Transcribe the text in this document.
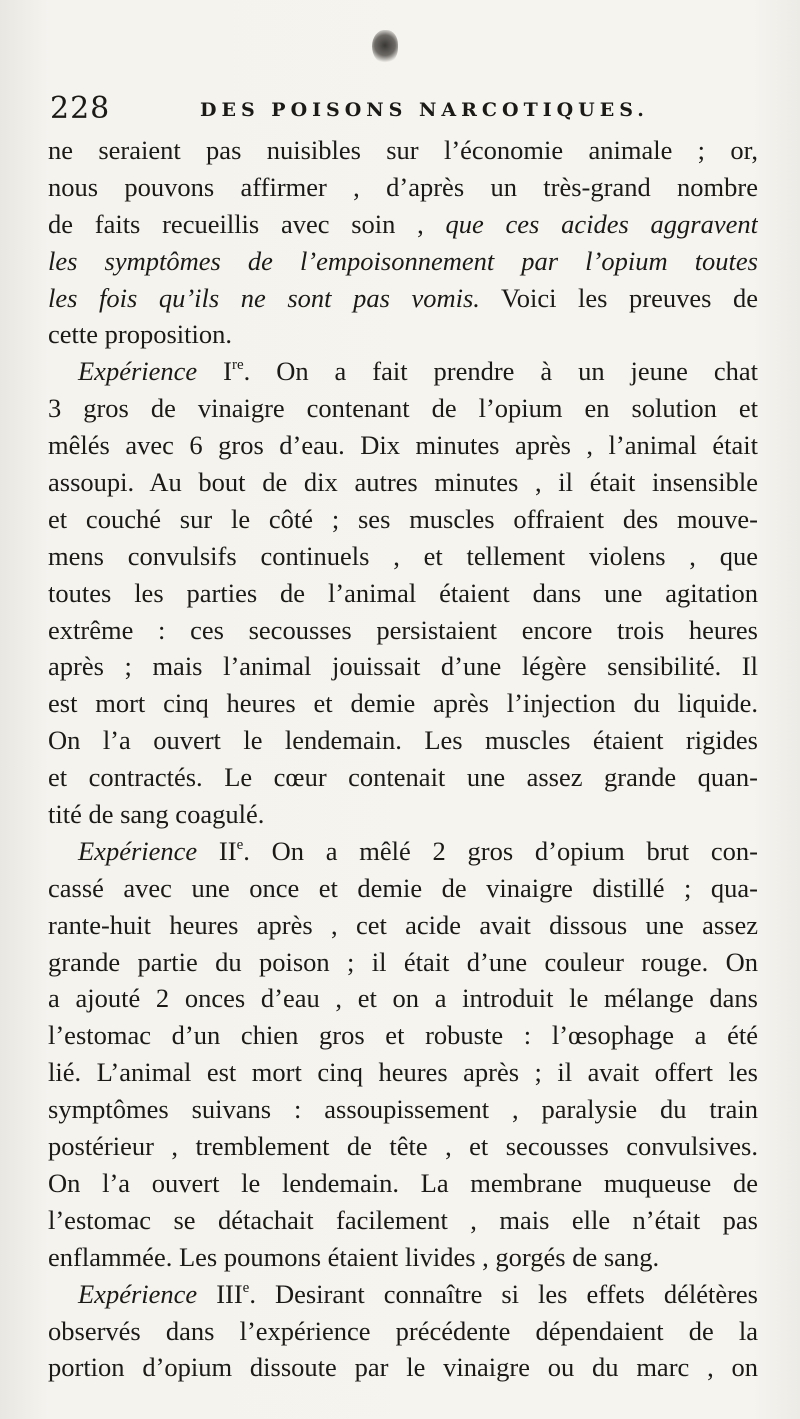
228	DES POISONS NARCOTIQUES.
ne seraient pas nuisibles sur l’économie animale ; or,
nous pouvons affirmer , d’après un très-grand nombre
de faits recueillis avec soin , que ces acides aggravent
les symptômes de l’empoisonnement par l’opium toutes
les fois qu’ils ne sont pas vomis. Voici les preuves de
cette proposition.
Expérience Ire. On a fait prendre à un jeune chat
3 gros de vinaigre contenant de l’opium en solution et
mêlés avec 6 gros d’eau. Dix minutes après , l’animal était
assoupi. Au bout de dix autres minutes , il était insensible
et couché sur le côté ; ses muscles offraient des mouve-
mens convulsifs continuels , et tellement violens , que
toutes les parties de l’animal étaient dans une agitation
extrême : ces secousses persistaient encore trois heures
après ; mais l’animal jouissait d’une légère sensibilité. Il
est mort cinq heures et demie après l’injection du liquide.
On l’a ouvert le lendemain. Les muscles étaient rigides
et contractés. Le cœur contenait une assez grande quan-
tité de sang coagulé.
Expérience IIe. On a mêlé 2 gros d’opium brut con-
cassé avec une once et demie de vinaigre distillé ; qua-
rante-huit heures après , cet acide avait dissous une assez
grande partie du poison ; il était d’une couleur rouge. On
a ajouté 2 onces d’eau , et on a introduit le mélange dans
l’estomac d’un chien gros et robuste : l’œsophage a été
lié. L’animal est mort cinq heures après ; il avait offert les
symptômes suivans : assoupissement , paralysie du train
postérieur , tremblement de tête , et secousses convulsives.
On l’a ouvert le lendemain. La membrane muqueuse de
l’estomac se détachait facilement , mais elle n’était pas
enflammée. Les poumons étaient livides , gorgés de sang.
Expérience IIIe. Desirant connaître si les effets délétères
observés dans l’expérience précédente dépendaient de la
portion d’opium dissoute par le vinaigre ou du marc , on
